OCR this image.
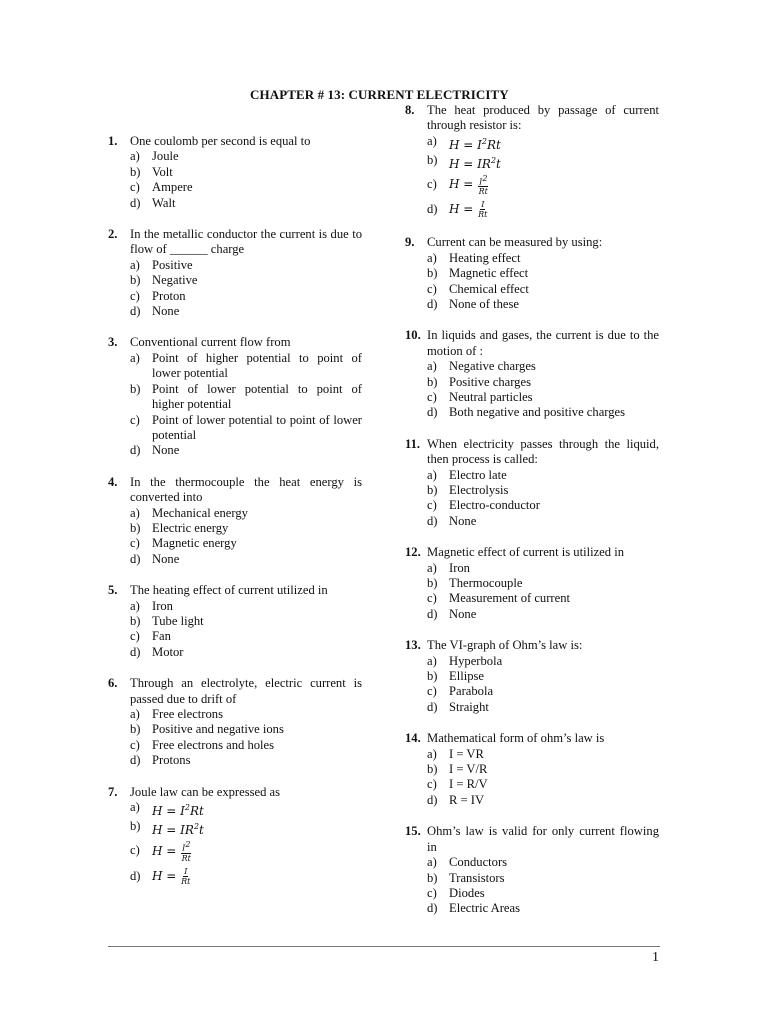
CHAPTER # 13: CURRENT ELECTRICITY
1. One coulomb per second is equal to
a) Joule
b) Volt
c) Ampere
d) Walt
2. In the metallic conductor the current is due to flow of ______ charge
a) Positive
b) Negative
c) Proton
d) None
3. Conventional current flow from
a) Point of higher potential to point of lower potential
b) Point of lower potential to point of higher potential
c) Point of lower potential to point of lower potential
d) None
4. In the thermocouple the heat energy is converted into
a) Mechanical energy
b) Electric energy
c) Magnetic energy
d) None
5. The heating effect of current utilized in
a) Iron
b) Tube light
c) Fan
d) Motor
6. Through an electrolyte, electric current is passed due to drift of
a) Free electrons
b) Positive and negative ions
c) Free electrons and holes
d) Protons
7. Joule law can be expressed as
a)	$H = I^2Rt$
b) $H = IR^2t$
c)	$H = \frac{I^2}{Rt}$
d) $H = \frac{I}{Rt}$
8. The heat produced by passage of current through resistor is:
a)	$H = I^2Rt$
b) $H = IR^2t$
c)	$H = \frac{I^2}{Rt}$
d) $H = \frac{I}{Rt}$
9. Current can be measured by using:
a) Heating effect
b) Magnetic effect
c) Chemical effect
d) None of these
10. In liquids and gases, the current is due to the motion of :
a) Negative charges
b) Positive charges
c) Neutral particles
d) Both negative and positive charges
11. When electricity passes through the liquid, then process is called:
a) Electro late
b) Electrolysis
c) Electro-conductor
d) None
12. Magnetic effect of current is utilized in
a) Iron
b) Thermocouple
c) Measurement of current
d) None
13. The VI-graph of Ohm’s law is:
a) Hyperbola
b) Ellipse
c) Parabola
d) Straight
14. Mathematical form of ohm’s law is
a) I = VR
b) I = V/R
c) I = R/V
d) R = IV
15. Ohm’s law is valid for only current flowing in
a) Conductors
b) Transistors
c) Diodes
d) Electric Areas
1
